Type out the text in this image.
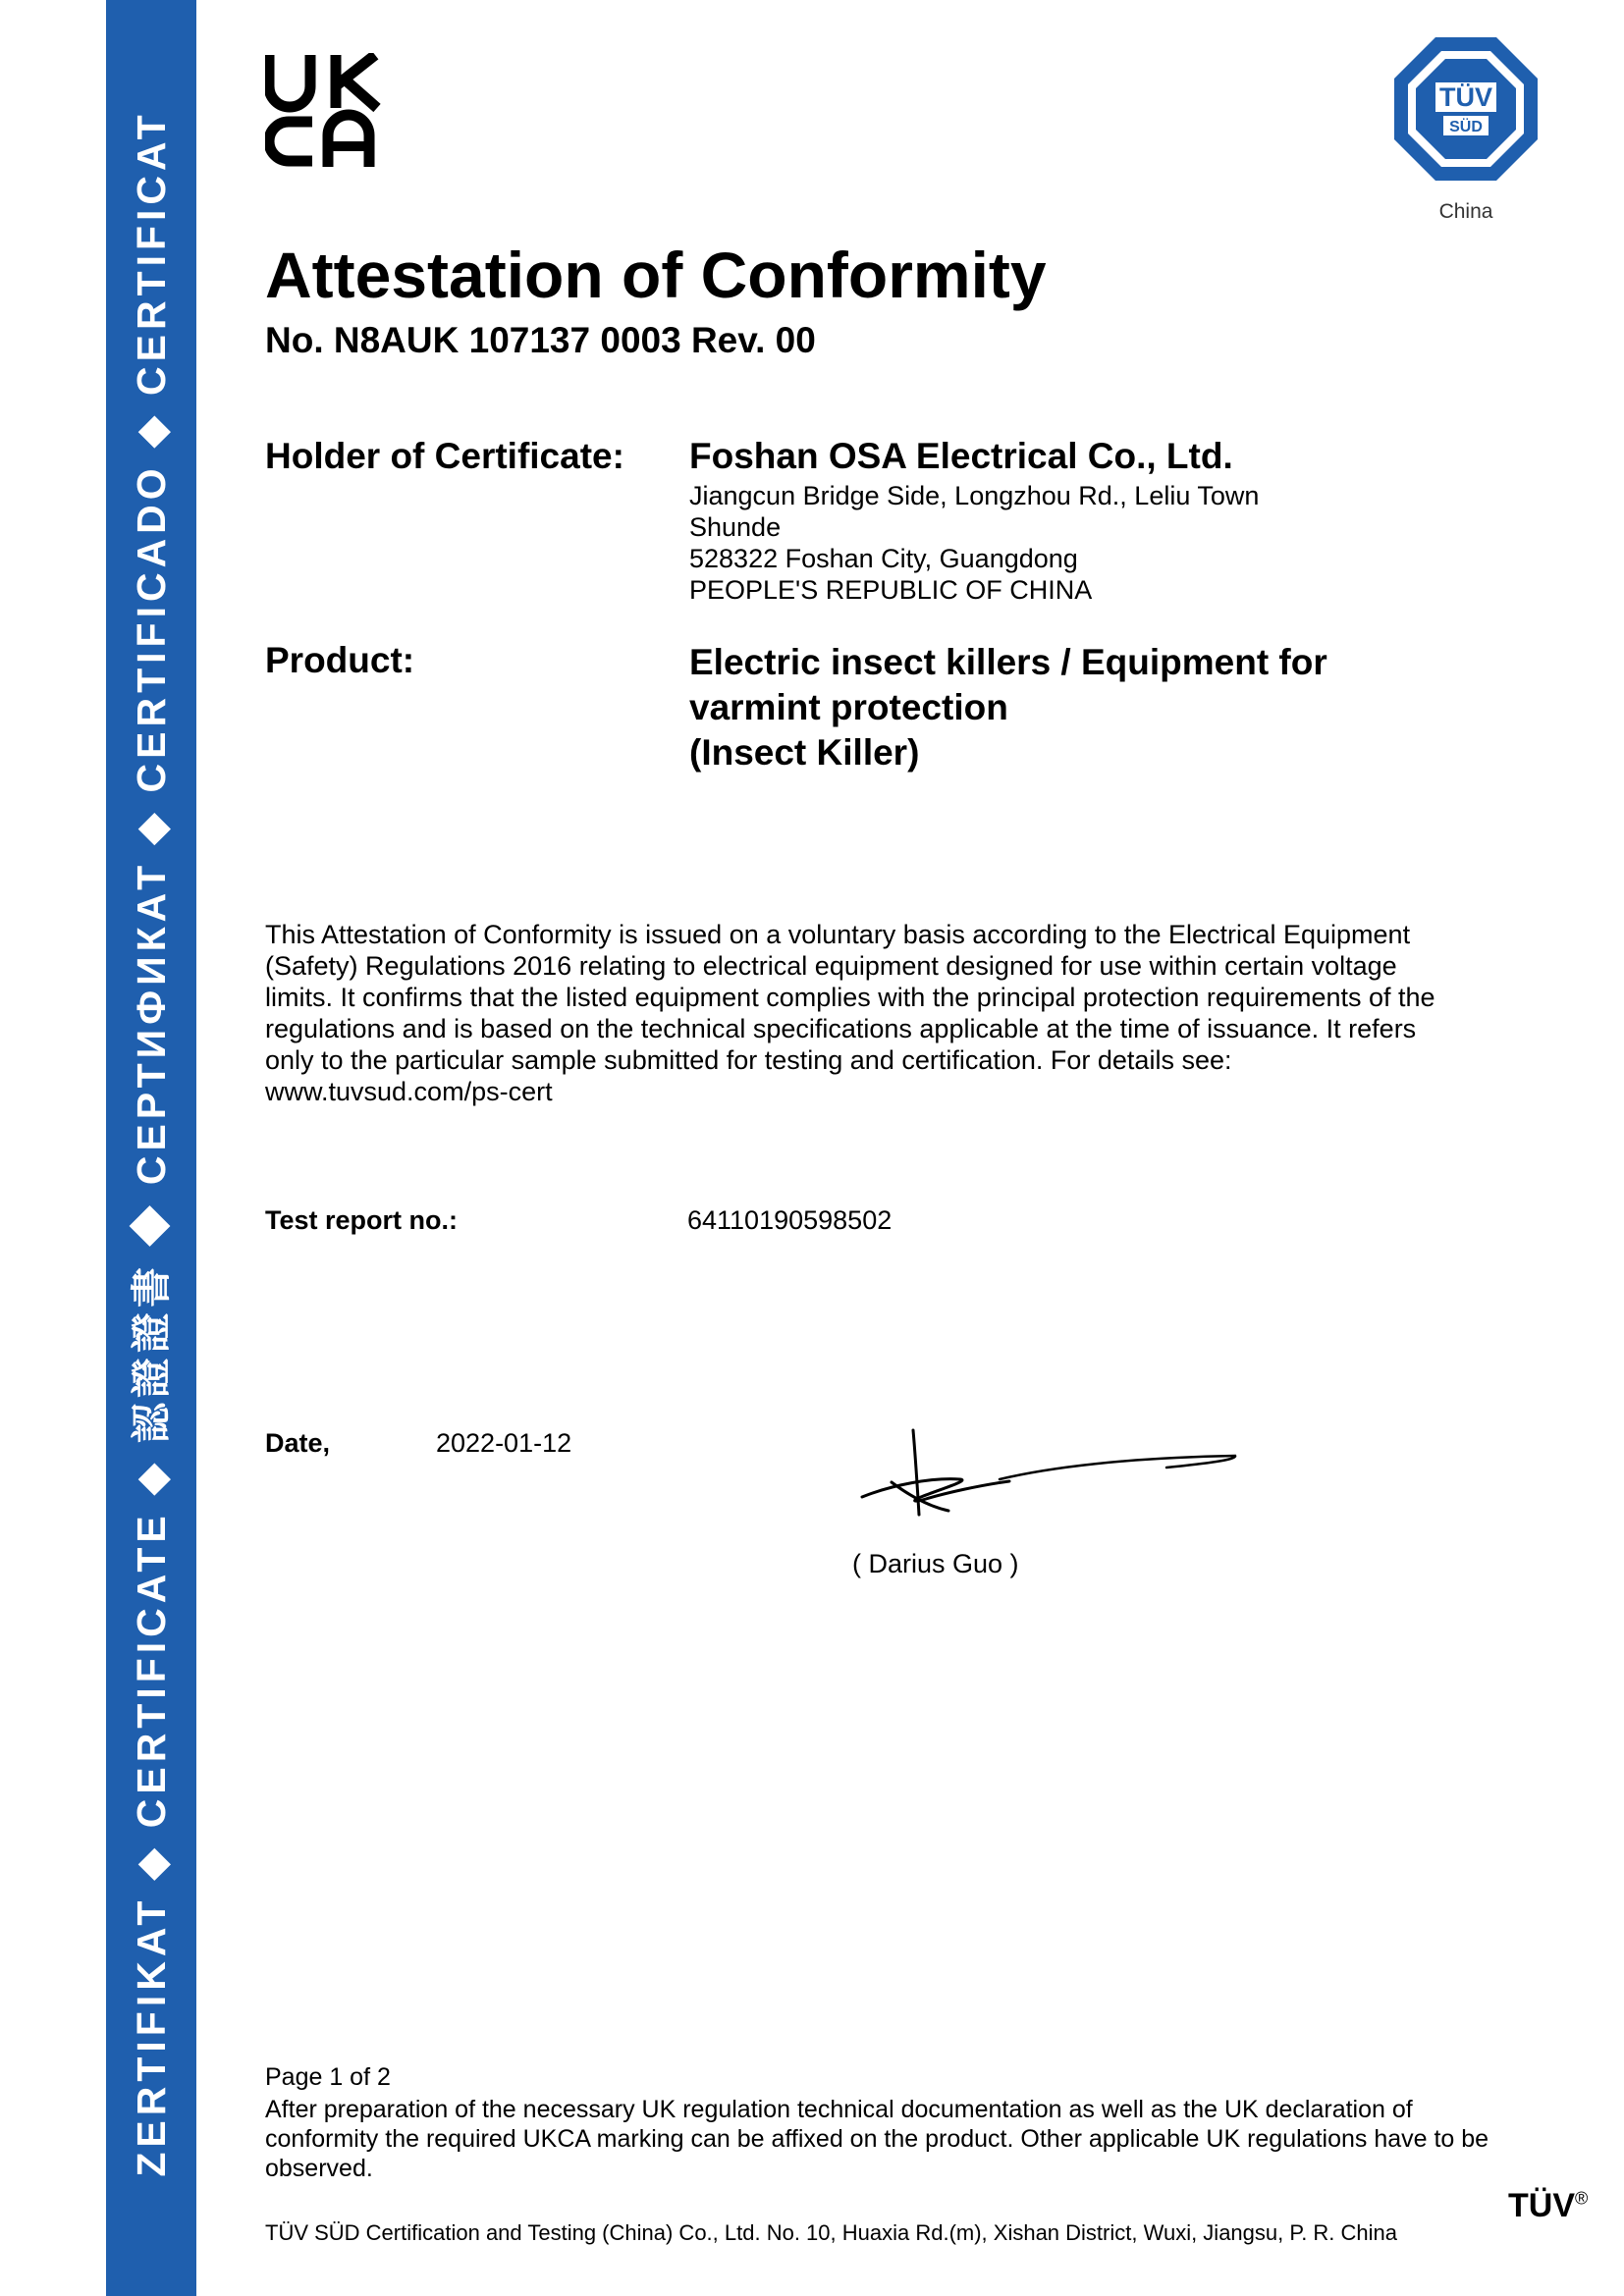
ZERTIFIKAT ◆ CERTIFICATE ◆ 認證證書 ◆ СЕРТИФИКАТ ◆ CERTIFICADO ◆ CERTIFICAT
TÜV
SÜD
China
Attestation of Conformity
No. N8AUK 107137 0003 Rev. 00
Holder of Certificate: Foshan OSA Electrical Co., Ltd.
Jiangcun Bridge Side, Longzhou Rd., Leliu Town
Shunde
528322 Foshan City, Guangdong
PEOPLE'S REPUBLIC OF CHINA
Product:	Electric insect killers / Equipment for
varmint protection
(Insect Killer)
This Attestation of Conformity is issued on a voluntary basis according to the Electrical Equipment
(Safety) Regulations 2016 relating to electrical equipment designed for use within certain voltage
limits. It confirms that the listed equipment complies with the principal protection requirements of the
regulations and is based on the technical specifications applicable at the time of issuance. It refers
only to the particular sample submitted for testing and certification. For details see:
www.tuvsud.com/ps-cert
Test report no.:	64110190598502
Date,	2022-01-12
( Darius Guo )
Page 1 of 2
After preparation of the necessary UK regulation technical documentation as well as the UK declaration of
conformity the required UKCA marking can be affixed on the product. Other applicable UK regulations have to be
observed.
TÜV®
TÜV SÜD Certification and Testing (China) Co., Ltd. No. 10, Huaxia Rd.(m), Xishan District, Wuxi, Jiangsu, P. R. China
